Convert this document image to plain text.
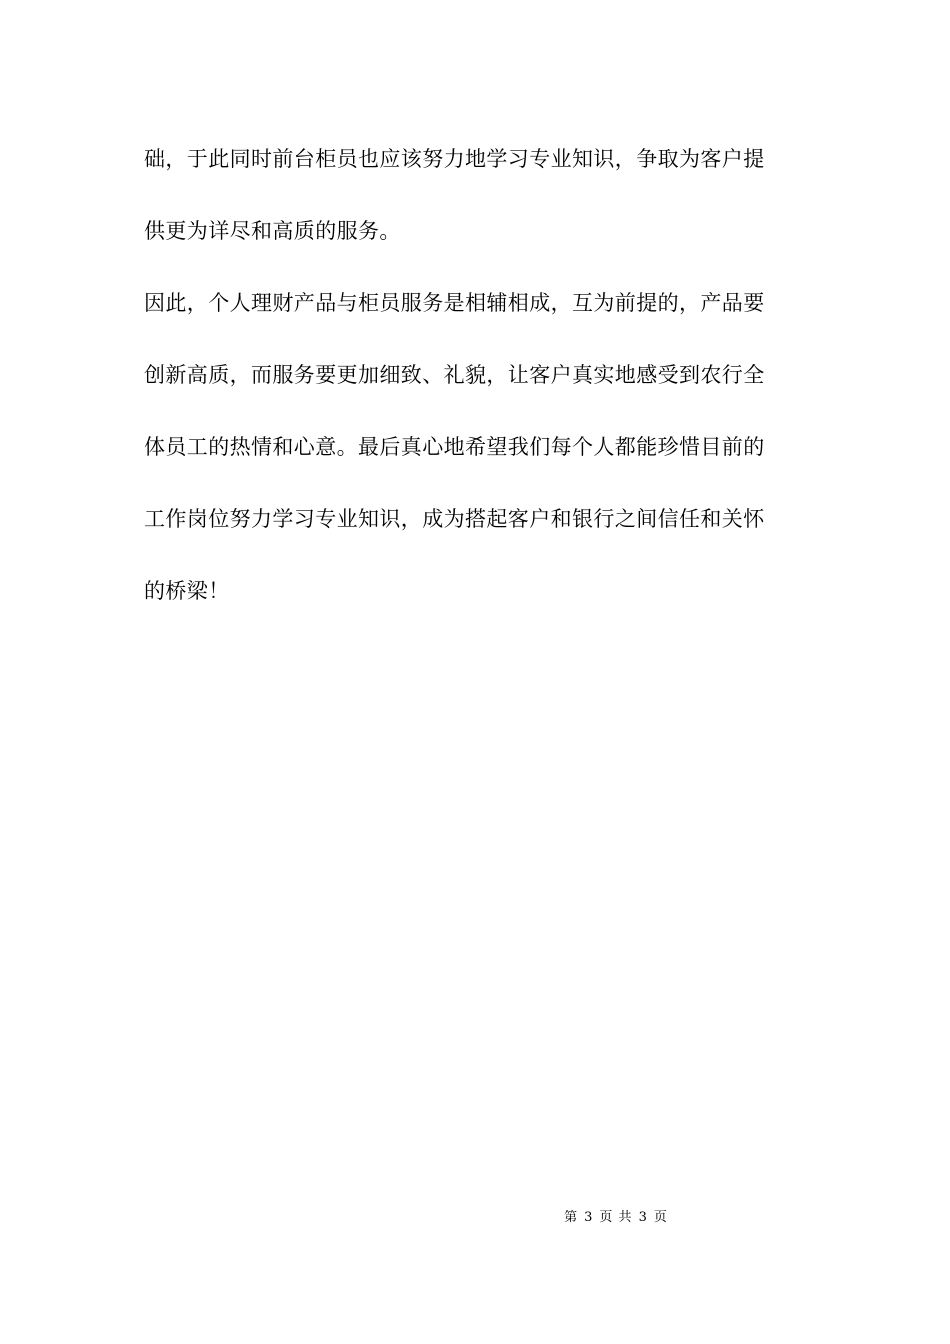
础，于此同时前台柜员也应该努力地学习专业知识，争取为客户提
供更为详尽和高质的服务。
因此，个人理财产品与柜员服务是相辅相成，互为前提的，产品要
创新高质，而服务要更加细致、礼貌，让客户真实地感受到农行全
体员工的热情和心意。最后真心地希望我们每个人都能珍惜目前的
工作岗位努力学习专业知识，成为搭起客户和银行之间信任和关怀
的桥梁！
第 3 页 共 3 页
